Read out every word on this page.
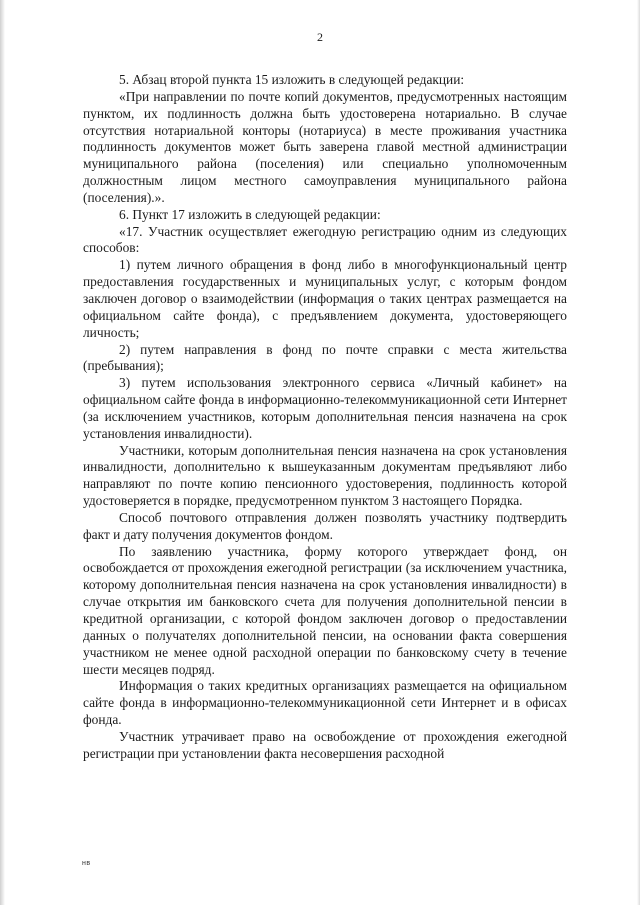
2

5. Абзац второй пункта 15 изложить в следующей редакции:

«При направлении по почте копий документов, предусмотренных настоящим пунктом, их подлинность должна быть удостоверена нотариально. В случае отсутствия нотариальной конторы (нотариуса) в месте проживания участника подлинность документов может быть заверена главой местной администрации муниципального района (поселения) или специально уполномоченным должностным лицом местного самоуправления муниципального района (поселения).».

6. Пункт 17 изложить в следующей редакции:

«17. Участник осуществляет ежегодную регистрацию одним из следующих способов:

1) путем личного обращения в фонд либо в многофункциональный центр предоставления государственных и муниципальных услуг, с которым фондом заключен договор о взаимодействии (информация о таких центрах размещается на официальном сайте фонда), с предъявлением документа, удостоверяющего личность;

2) путем направления в фонд по почте справки с места жительства (пребывания);

3) путем использования электронного сервиса «Личный кабинет» на официальном сайте фонда в информационно-телекоммуникационной сети Интернет (за исключением участников, которым дополнительная пенсия назначена на срок установления инвалидности).

Участники, которым дополнительная пенсия назначена на срок установления инвалидности, дополнительно к вышеуказанным документам предъявляют либо направляют по почте копию пенсионного удостоверения, подлинность которой удостоверяется в порядке, предусмотренном пунктом 3 настоящего Порядка.

Способ почтового отправления должен позволять участнику подтвердить факт и дату получения документов фондом.

По заявлению участника, форму которого утверждает фонд, он освобождается от прохождения ежегодной регистрации (за исключением участника, которому дополнительная пенсия назначена на срок установления инвалидности) в случае открытия им банковского счета для получения дополнительной пенсии в кредитной организации, с которой фондом заключен договор о предоставлении данных о получателях дополнительной пенсии, на основании факта совершения участником не менее одной расходной операции по банковскому счету в течение шести месяцев подряд.

Информация о таких кредитных организациях размещается на официальном сайте фонда в информационно-телекоммуникационной сети Интернет и в офисах фонда.

Участник утрачивает право на освобождение от прохождения ежегодной регистрации при установлении факта несовершения расходной

нв
